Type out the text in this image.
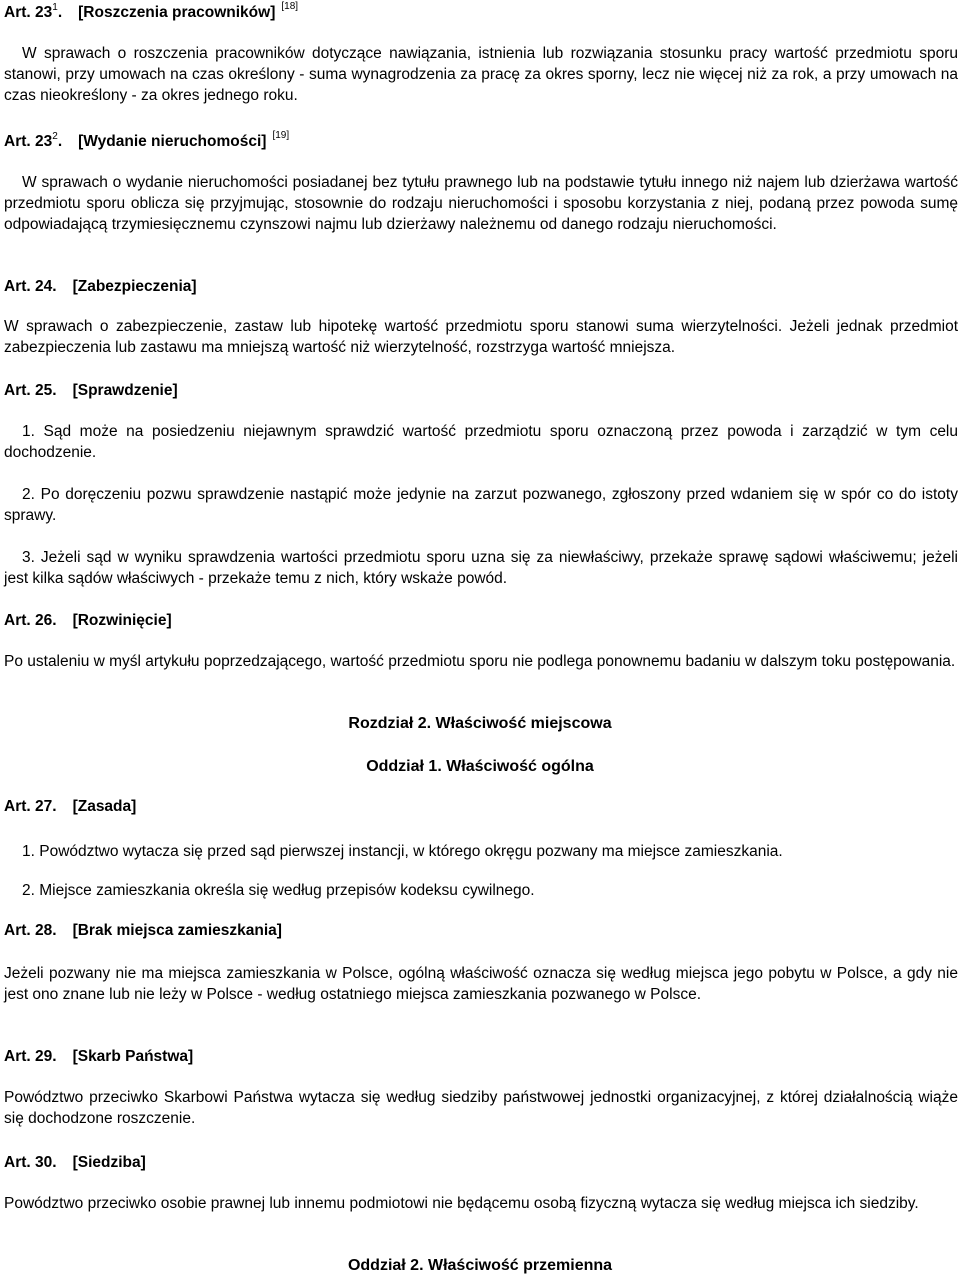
Art. $23^1$. [Roszczenia pracowników] [18]

W sprawach o roszczenia pracowników dotyczące nawiązania, istnienia lub rozwiązania stosunku pracy wartość przedmiotu sporu stanowi, przy umowach na czas określony - suma wynagrodzenia za pracę za okres sporny, lecz nie więcej niż za rok, a przy umowach na czas nieokreślony - za okres jednego roku.

Art. $23^2$. [Wydanie nieruchomości] [19]

W sprawach o wydanie nieruchomości posiadanej bez tytułu prawnego lub na podstawie tytułu innego niż najem lub dzierżawa wartość przedmiotu sporu oblicza się przyjmując, stosownie do rodzaju nieruchomości i sposobu korzystania z niej, podaną przez powoda sumę odpowiadającą trzymiesięcznemu czynszowi najmu lub dzierżawy należnemu od danego rodzaju nieruchomości.

Art. 24. [Zabezpieczenia]

W sprawach o zabezpieczenie, zastaw lub hipotekę wartość przedmiotu sporu stanowi suma wierzytelności. Jeżeli jednak przedmiot zabezpieczenia lub zastawu ma mniejszą wartość niż wierzytelność, rozstrzyga wartość mniejsza.

Art. 25. [Sprawdzenie]

1. Sąd może na posiedzeniu niejawnym sprawdzić wartość przedmiotu sporu oznaczoną przez powoda i zarządzić w tym celu dochodzenie.

2. Po doręczeniu pozwu sprawdzenie nastąpić może jedynie na zarzut pozwanego, zgłoszony przed wdaniem się w spór co do istoty sprawy.

3. Jeżeli sąd w wyniku sprawdzenia wartości przedmiotu sporu uzna się za niewłaściwy, przekaże sprawę sądowi właściwemu; jeżeli jest kilka sądów właściwych - przekaże temu z nich, który wskaże powód.

Art. 26. [Rozwinięcie]

Po ustaleniu w myśl artykułu poprzedzającego, wartość przedmiotu sporu nie podlega ponownemu badaniu w dalszym toku postępowania.

Rozdział 2. Właściwość miejscowa
Oddział 1. Właściwość ogólna
Art. 27. [Zasada]

1. Powództwo wytacza się przed sąd pierwszej instancji, w którego okręgu pozwany ma miejsce zamieszkania.

2. Miejsce zamieszkania określa się według przepisów kodeksu cywilnego.

Art. 28. [Brak miejsca zamieszkania]

Jeżeli pozwany nie ma miejsca zamieszkania w Polsce, ogólną właściwość oznacza się według miejsca jego pobytu w Polsce, a gdy nie jest ono znane lub nie leży w Polsce - według ostatniego miejsca zamieszkania pozwanego w Polsce.

Art. 29. [Skarb Państwa]

Powództwo przeciwko Skarbowi Państwa wytacza się według siedziby państwowej jednostki organizacyjnej, z której działalnością wiąże się dochodzone roszczenie.

Art. 30. [Siedziba]

Powództwo przeciwko osobie prawnej lub innemu podmiotowi nie będącemu osobą fizyczną wytacza się według miejsca ich siedziby.

Oddział 2. Właściwość przemienna
